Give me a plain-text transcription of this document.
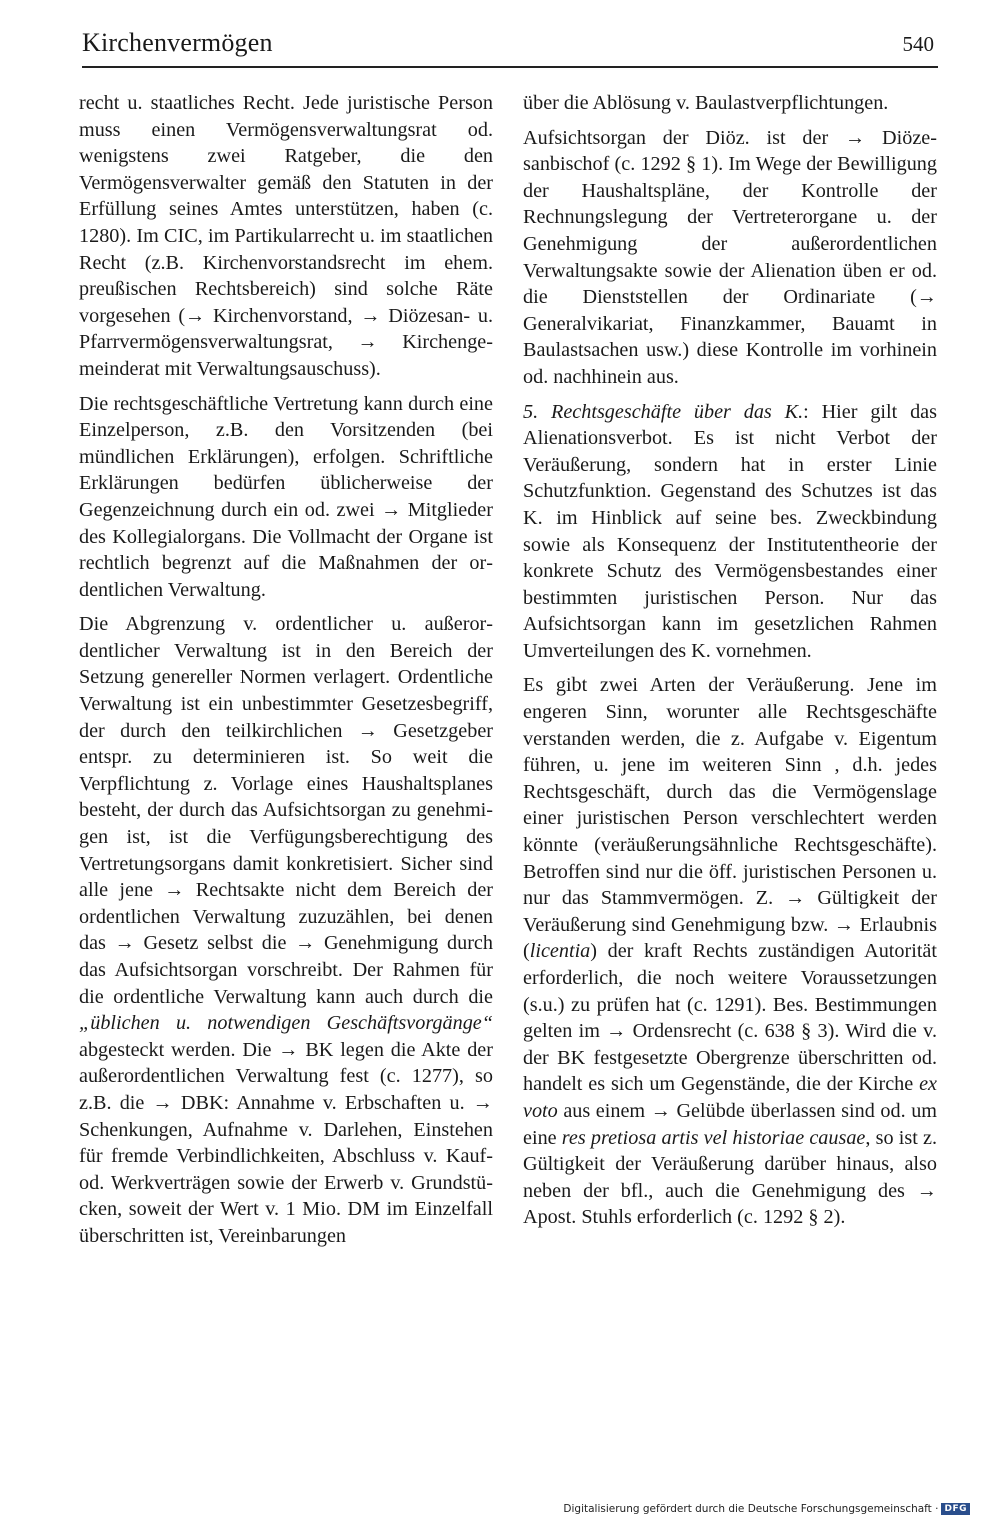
Kirchenvermögen	540

recht u. staatliches Recht. Jede juristische Person muss einen Vermögensverwaltungsrat od. wenigstens zwei Ratgeber, die den Vermögensverwalter gemäß den Statuten in der Erfüllung seines Amtes unterstützen, haben (c. 1280). Im CIC, im Partikularrecht u. im staatlichen Recht (z.B. Kirchenvorstandsrecht im ehem. preußischen Rechtsbereich) sind solche Räte vorgesehen (→ Kirchenvorstand, → Diözesan- u. Pfarrvermögensverwaltungsrat, → Kirchengemeinderat mit Verwaltungsauschuss).

Die rechtsgeschäftliche Vertretung kann durch eine Einzelperson, z.B. den Vorsitzenden (bei mündlichen Erklärungen), erfolgen. Schriftliche Erklärungen bedürfen üblicherweise der Gegenzeichnung durch ein od. zwei → Mitglieder des Kollegialorgans. Die Vollmacht der Organe ist rechtlich begrenzt auf die Maßnahmen der ordentlichen Verwaltung.

Die Abgrenzung v. ordentlicher u. außerordentlicher Verwaltung ist in den Bereich der Setzung genereller Normen verlagert. Ordentliche Verwaltung ist ein unbestimmter Gesetzesbegriff, der durch den teilkirchlichen → Gesetzgeber entspr. zu determinieren ist. So weit die Verpflichtung z. Vorlage eines Haushaltsplanes besteht, der durch das Aufsichtsorgan zu genehmigen ist, ist die Verfügungsberechtigung des Vertretungsorgans damit konkretisiert. Sicher sind alle jene → Rechtsakte nicht dem Bereich der ordentlichen Verwaltung zuzuzählen, bei denen das → Gesetz selbst die → Genehmigung durch das Aufsichtsorgan vorschreibt. Der Rahmen für die ordentliche Verwaltung kann auch durch die „üblichen u. notwendigen Geschäftsvorgänge“ abgesteckt werden. Die → BK legen die Akte der außerordentlichen Verwaltung fest (c. 1277), so z.B. die → DBK: Annahme v. Erbschaften u. → Schenkungen, Aufnahme v. Darlehen, Einstehen für fremde Verbindlichkeiten, Abschluss v. Kauf- od. Werkverträgen sowie der Erwerb v. Grundstücken, soweit der Wert v. 1 Mio. DM im Einzelfall überschritten ist, Vereinbarungen

über die Ablösung v. Baulastverpflichtungen.

Aufsichtsorgan der Diöz. ist der → Diözesanbischof (c. 1292 § 1). Im Wege der Bewilligung der Haushaltspläne, der Kontrolle der Rechnungslegung der Vertreterorgane u. der Genehmigung der außerordentlichen Verwaltungsakte sowie der Alienation üben er od. die Dienststellen der Ordinariate (→ Generalvikariat, Finanzkammer, Bauamt in Baulastsachen usw.) diese Kontrolle im vorhinein od. nachhinein aus.

5. Rechtsgeschäfte über das K.: Hier gilt das Alienationsverbot. Es ist nicht Verbot der Veräußerung, sondern hat in erster Linie Schutzfunktion. Gegenstand des Schutzes ist das K. im Hinblick auf seine bes. Zweckbindung sowie als Konsequenz der Institutentheorie der konkrete Schutz des Vermögensbestandes einer bestimmten juristischen Person. Nur das Aufsichtsorgan kann im gesetzlichen Rahmen Umverteilungen des K. vornehmen.

Es gibt zwei Arten der Veräußerung. Jene im engeren Sinn, worunter alle Rechtsgeschäfte verstanden werden, die z. Aufgabe v. Eigentum führen, u. jene im weiteren Sinn , d.h. jedes Rechtsgeschäft, durch das die Vermögenslage einer juristischen Person verschlechtert werden könnte (veräußerungsähnliche Rechtsgeschäfte). Betroffen sind nur die öff. juristischen Personen u. nur das Stammvermögen. Z. → Gültigkeit der Veräußerung sind Genehmigung bzw. → Erlaubnis (licentia) der kraft Rechts zuständigen Autorität erforderlich, die noch weitere Voraussetzungen (s.u.) zu prüfen hat (c. 1291). Bes. Bestimmungen gelten im → Ordensrecht (c. 638 § 3). Wird die v. der BK festgesetzte Obergrenze überschritten od. handelt es sich um Gegenstände, die der Kirche ex voto aus einem → Gelübde überlassen sind od. um eine res pretiosa artis vel historiae causae, so ist z. Gültigkeit der Veräußerung darüber hinaus, also neben der bfl., auch die Genehmigung des → Apost. Stuhls erforderlich (c. 1292 § 2).

Digitalisierung gefördert durch die Deutsche Forschungsgemeinschaft · DFG
